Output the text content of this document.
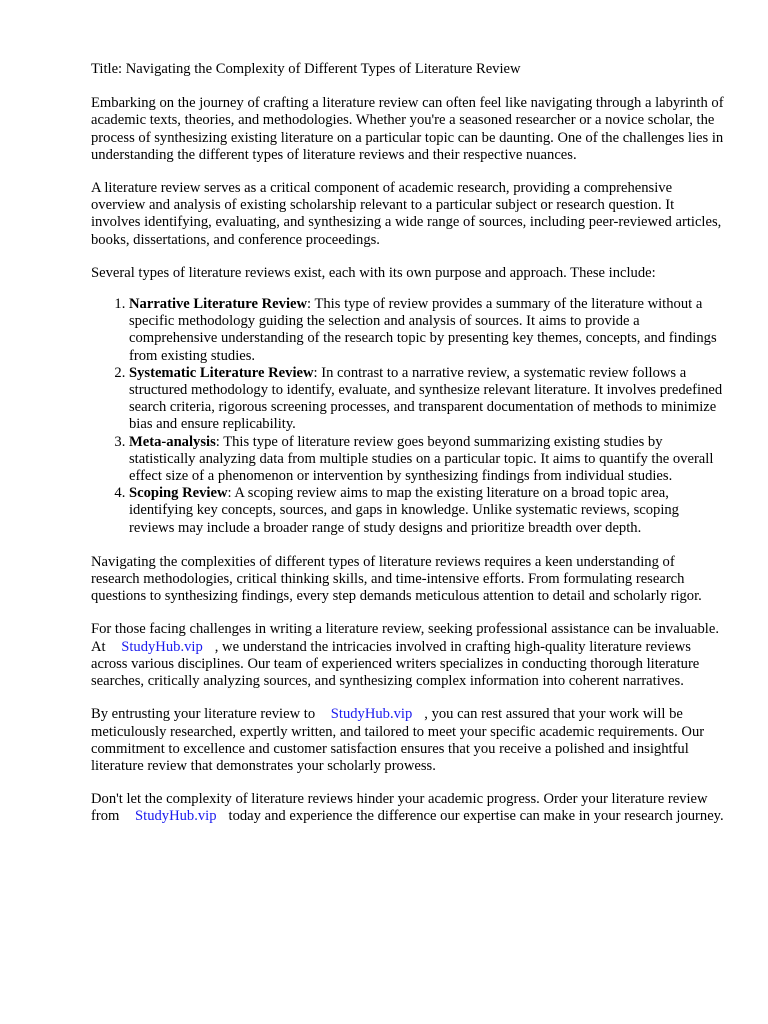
Title: Navigating the Complexity of Different Types of Literature Review

Embarking on the journey of crafting a literature review can often feel like navigating through a labyrinth of academic texts, theories, and methodologies. Whether you're a seasoned researcher or a novice scholar, the process of synthesizing existing literature on a particular topic can be daunting. One of the challenges lies in understanding the different types of literature reviews and their respective nuances.

A literature review serves as a critical component of academic research, providing a comprehensive overview and analysis of existing scholarship relevant to a particular subject or research question. It involves identifying, evaluating, and synthesizing a wide range of sources, including peer-reviewed articles, books, dissertations, and conference proceedings.

Several types of literature reviews exist, each with its own purpose and approach. These include:

1. Narrative Literature Review: This type of review provides a summary of the literature without a specific methodology guiding the selection and analysis of sources. It aims to provide a comprehensive understanding of the research topic by presenting key themes, concepts, and findings from existing studies.
2. Systematic Literature Review: In contrast to a narrative review, a systematic review follows a structured methodology to identify, evaluate, and synthesize relevant literature. It involves predefined search criteria, rigorous screening processes, and transparent documentation of methods to minimize bias and ensure replicability.
3. Meta-analysis: This type of literature review goes beyond summarizing existing studies by statistically analyzing data from multiple studies on a particular topic. It aims to quantify the overall effect size of a phenomenon or intervention by synthesizing findings from individual studies.
4. Scoping Review: A scoping review aims to map the existing literature on a broad topic area, identifying key concepts, sources, and gaps in knowledge. Unlike systematic reviews, scoping reviews may include a broader range of study designs and prioritize breadth over depth.

Navigating the complexities of different types of literature reviews requires a keen understanding of research methodologies, critical thinking skills, and time-intensive efforts. From formulating research questions to synthesizing findings, every step demands meticulous attention to detail and scholarly rigor.

For those facing challenges in writing a literature review, seeking professional assistance can be invaluable. At StudyHub.vip , we understand the intricacies involved in crafting high-quality literature reviews across various disciplines. Our team of experienced writers specializes in conducting thorough literature searches, critically analyzing sources, and synthesizing complex information into coherent narratives.

By entrusting your literature review to StudyHub.vip , you can rest assured that your work will be meticulously researched, expertly written, and tailored to meet your specific academic requirements. Our commitment to excellence and customer satisfaction ensures that you receive a polished and insightful literature review that demonstrates your scholarly prowess.

Don't let the complexity of literature reviews hinder your academic progress. Order your literature review from StudyHub.vip today and experience the difference our expertise can make in your research journey.
